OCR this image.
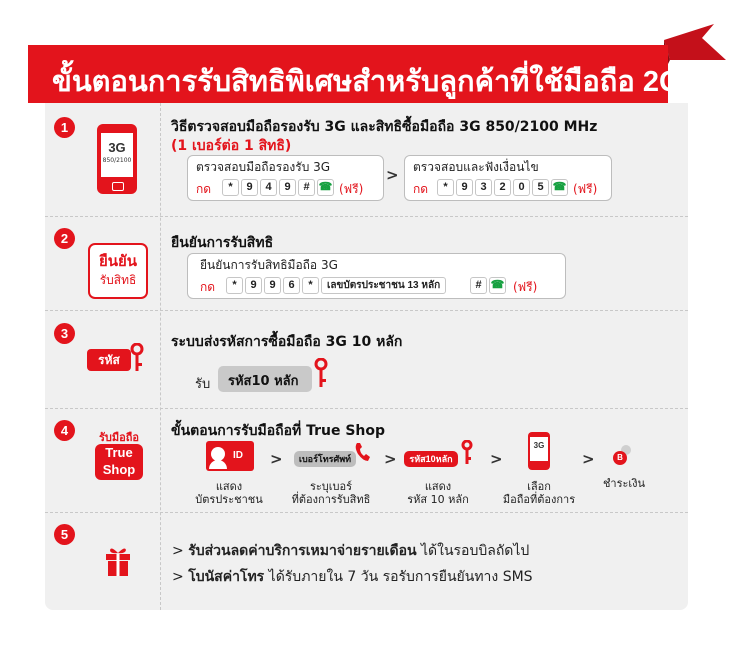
ขั้นตอนการรับสิทธิพิเศษสำหรับลูกค้าที่ใช้มือถือ 2G
1
3G
850/2100
วิธีตรวจสอบมือถือรองรับ 3G และสิทธิซื้อมือถือ 3G 850/2100 MHz
(1 เบอร์ต่อ 1 สิทธิ)
ตรวจสอบมือถือรองรับ 3G
กด	*	9	4	9	# ☎ (ฟรี)
> ตรวจสอบและฟังเงื่อนไข
กด	*	9	3	2	0	5 ☎ (ฟรี)
2
ยืนยัน
รับสิทธิ
ยืนยันการรับสิทธิ
ยืนยันการรับสิทธิมือถือ 3G
กด	*	9	9	6	*	เลขบัตรประชาชน 13 หลัก	# ☎ (ฟรี)
3
รหัส
ระบบส่งรหัสการซื้อมือถือ 3G 10 หลัก
รับ รหัส10 หลัก
4	รับมือถือ
True
Shop
ขั้นตอนการรับมือถือที่ True Shop
ID >	เบอร์โทรศัพท์	>	รหัส10หลัก	>
3G
>	B
แสดง
บัตรประชาชน
ระบุเบอร์
ที่ต้องการรับสิทธิ
แสดง
รหัส 10 หลัก
เลือก
มือถือที่ต้องการ
ชำระเงิน
5
> รับส่วนลดค่าบริการเหมาจ่ายรายเดือน ได้ในรอบบิลถัดไป
> โบนัสค่าโทร ได้รับภายใน 7 วัน รอรับการยืนยันทาง SMS
